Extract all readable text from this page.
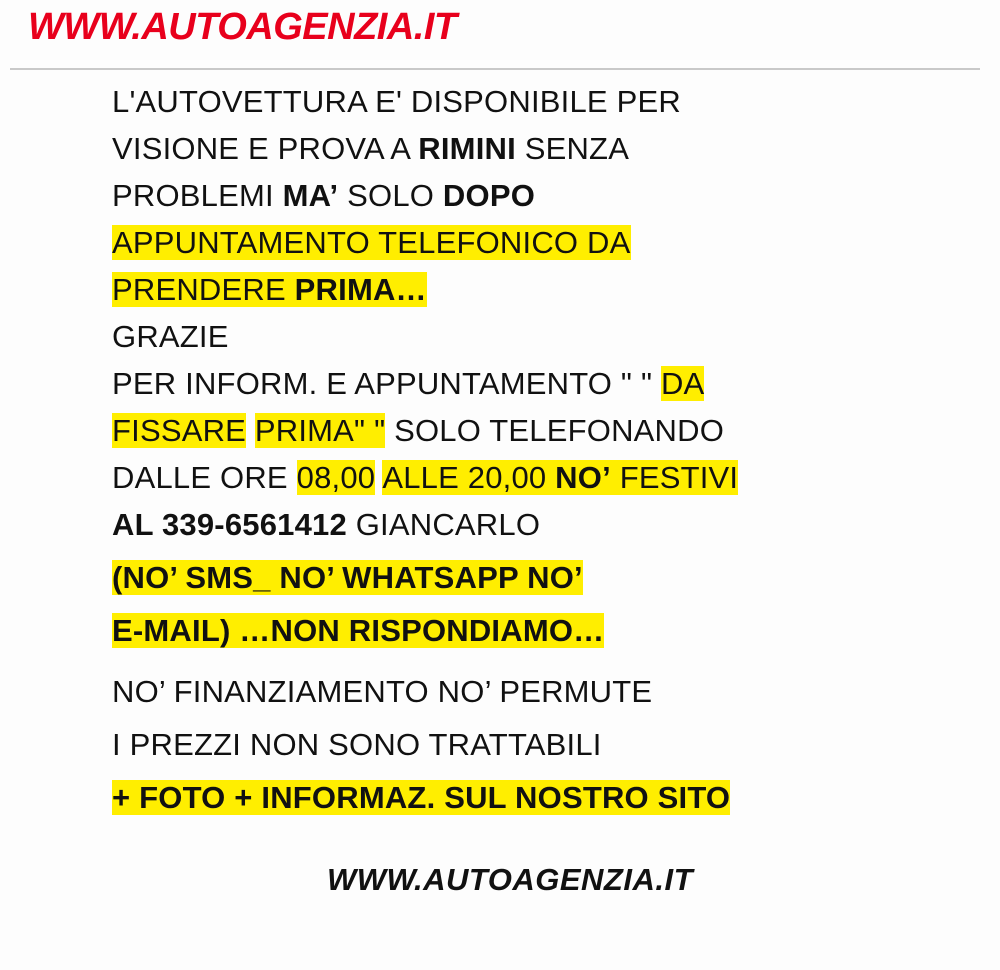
WWW.AUTOAGENZIA.IT
L'AUTOVETTURA E' DISPONIBILE PER
VISIONE E PROVA A RIMINI SENZA
PROBLEMI MA’ SOLO DOPO
APPUNTAMENTO TELEFONICO DA
PRENDERE PRIMA…
GRAZIE
PER INFORM. E APPUNTAMENTO " " DA
FISSARE PRIMA" " SOLO TELEFONANDO
DALLE ORE 08,00 ALLE 20,00 NO’ FESTIVI
AL 339-6561412 GIANCARLO
(NO’ SMS_ NO’ WHATSAPP NO’
E-MAIL) …NON RISPONDIAMO…
NO’ FINANZIAMENTO NO’ PERMUTE
I PREZZI NON SONO TRATTABILI
+ FOTO + INFORMAZ. SUL NOSTRO SITO
WWW.AUTOAGENZIA.IT
